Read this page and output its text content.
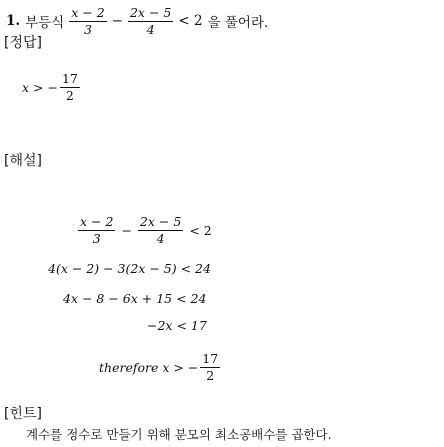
1. 부등식 $\frac{x - 2}{3} - \frac{2x - 5}{4} < 2$ 을 풀어라.
[정답]
x > − $\frac{17}{2}$
[해설]
$\frac{x - 2}{3} - \frac{2x - 5}{4} < 2$
4(x − 2) − 3(2x − 5) < 24
4x − 8 − 6x + 15 < 24
−2x < 17
therefore x > − $\frac{17}{2}$
[힌트]
계수를 정수로 만들기 위해 분모의 최소공배수를 곱한다.
